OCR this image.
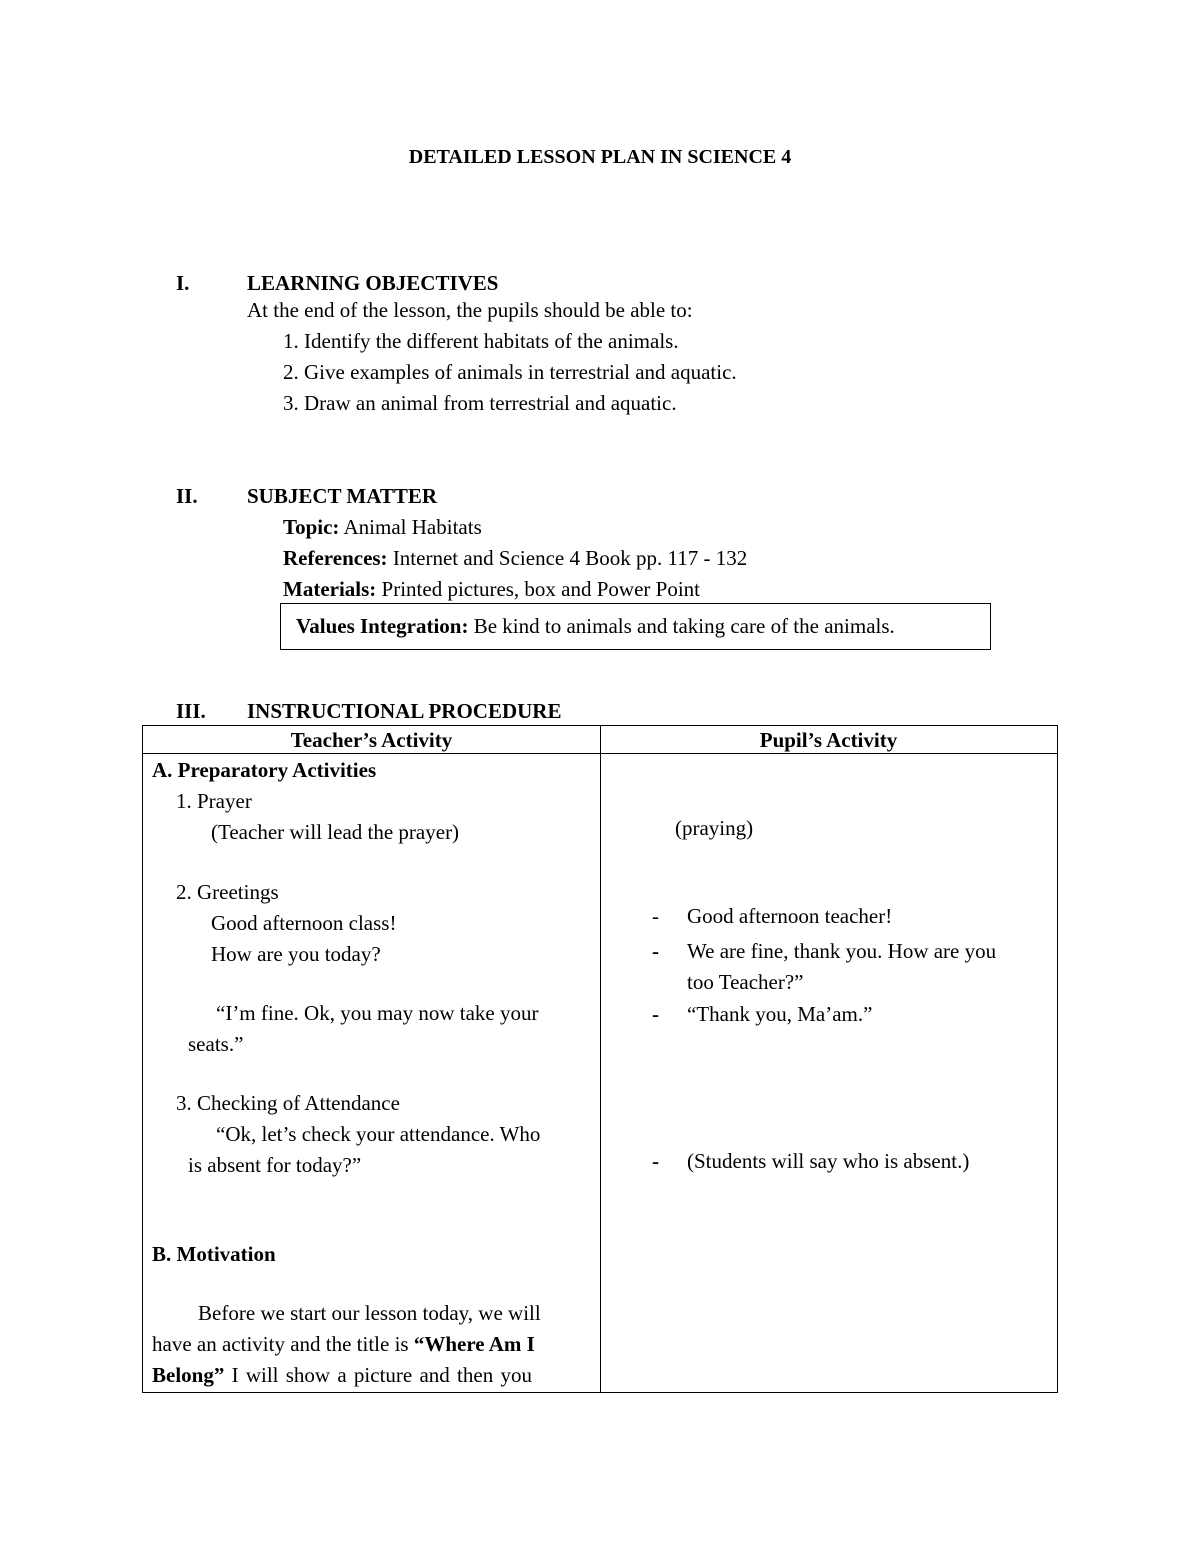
DETAILED LESSON PLAN IN SCIENCE 4
I.	LEARNING OBJECTIVES
At the end of the lesson, the pupils should be able to:
1. Identify the different habitats of the animals.
2. Give examples of animals in terrestrial and aquatic.
3. Draw an animal from terrestrial and aquatic.
II. SUBJECT MATTER
Topic: Animal Habitats
References: Internet and Science 4 Book pp. 117 - 132
Materials: Printed pictures, box and Power Point
Values Integration: Be kind to animals and taking care of the animals.
III. INSTRUCTIONAL PROCEDURE
Teacher’s Activity	Pupil’s Activity
A. Preparatory Activities
1. Prayer
(Teacher will lead the prayer)
2. Greetings
Good afternoon class!
How are you today?
“I’m fine. Ok, you may now take your
seats.”
3. Checking of Attendance
“Ok, let’s check your attendance. Who
is absent for today?”
B. Motivation
Before we start our lesson today, we will
have an activity and the title is “Where Am I
Belong” I will show a picture and then you
(praying)
- Good afternoon teacher!
- We are fine, thank you. How are you
too Teacher?”
- “Thank you, Ma’am.”
- (Students will say who is absent.)
